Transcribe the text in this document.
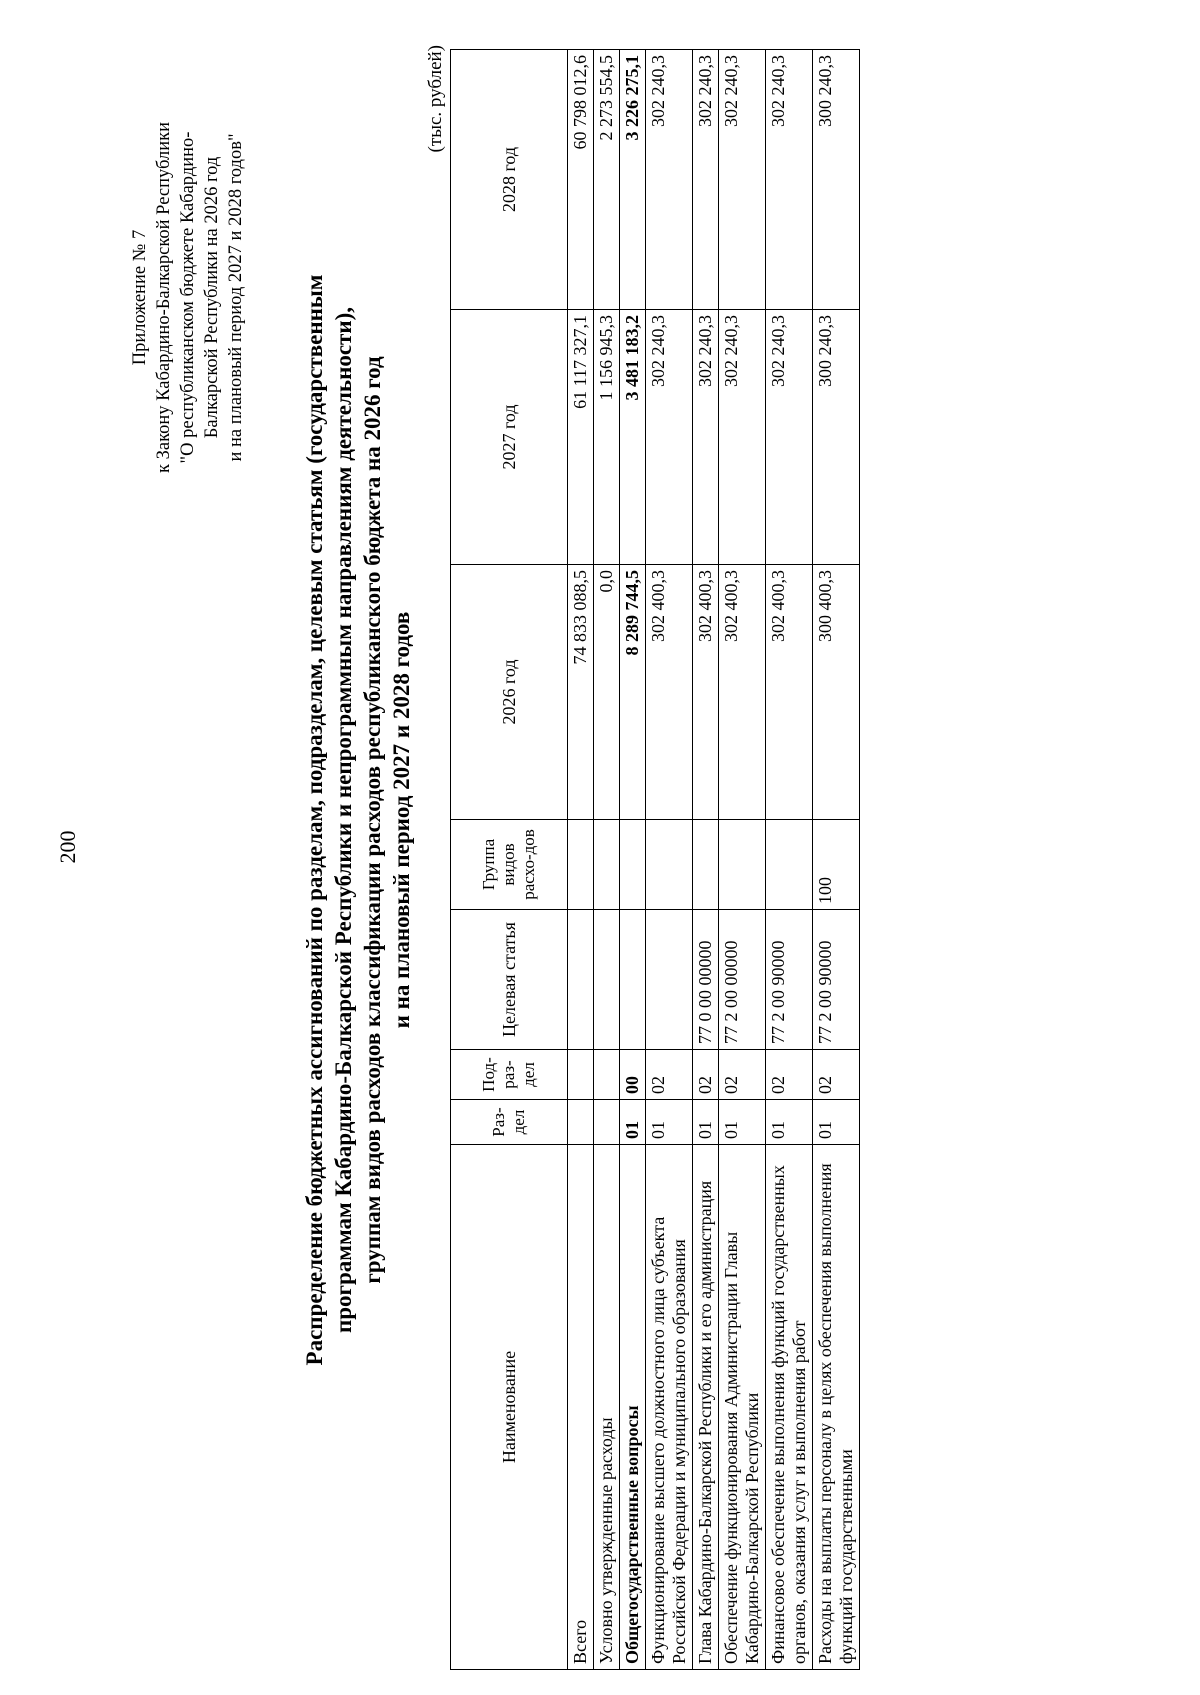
200
Приложение № 7 к Закону Кабардино-Балкарской Республики "О республиканском бюджете Кабардино- Балкарской Республики на 2026 год и на плановый период 2027 и 2028 годов" Распределение бюджетных ассигнований по разделам, подразделам, целевым статьям (государственным программам Кабардино-Балкарской Республики и непрограммным направлениям деятельности), группам видов расходов классификации расходов республиканского бюджета на 2026 год и на плановый период 2027 и 2028 годов
(тыс. рублей)
Наименование	Раз-дел	Под-раз-дел	Целевая статья	Группа видов расхо-дов	2026 год	2027 год	2028 год
Всего					74 833 088,5	61 117 327,1	60 798 012,6
Условно утвержденные расходы					0,0	1 156 945,3	2 273 554,5
Общегосударственные вопросы	01	00			8 289 744,5	3 481 183,2	3 226 275,1
Функционирование высшего должностного лица субъекта Российской Федерации и муниципального образования	01	02			302 400,3	302 240,3	302 240,3
Глава Кабардино-Балкарской Республики и его администрация	01	02	77 0 00 00000		302 400,3	302 240,3	302 240,3
Обеспечение функционирования Администрации Главы Кабардино-Балкарской Республики	01	02	77 2 00 00000		302 400,3	302 240,3	302 240,3
Финансовое обеспечение выполнения функций государственных органов, оказания услуг и выполнения работ	01	02	77 2 00 90000		302 400,3	302 240,3	302 240,3
Расходы на выплаты персоналу в целях обеспечения выполнения функций государственными	01	02	77 2 00 90000	100	300 400,3	300 240,3	300 240,3
